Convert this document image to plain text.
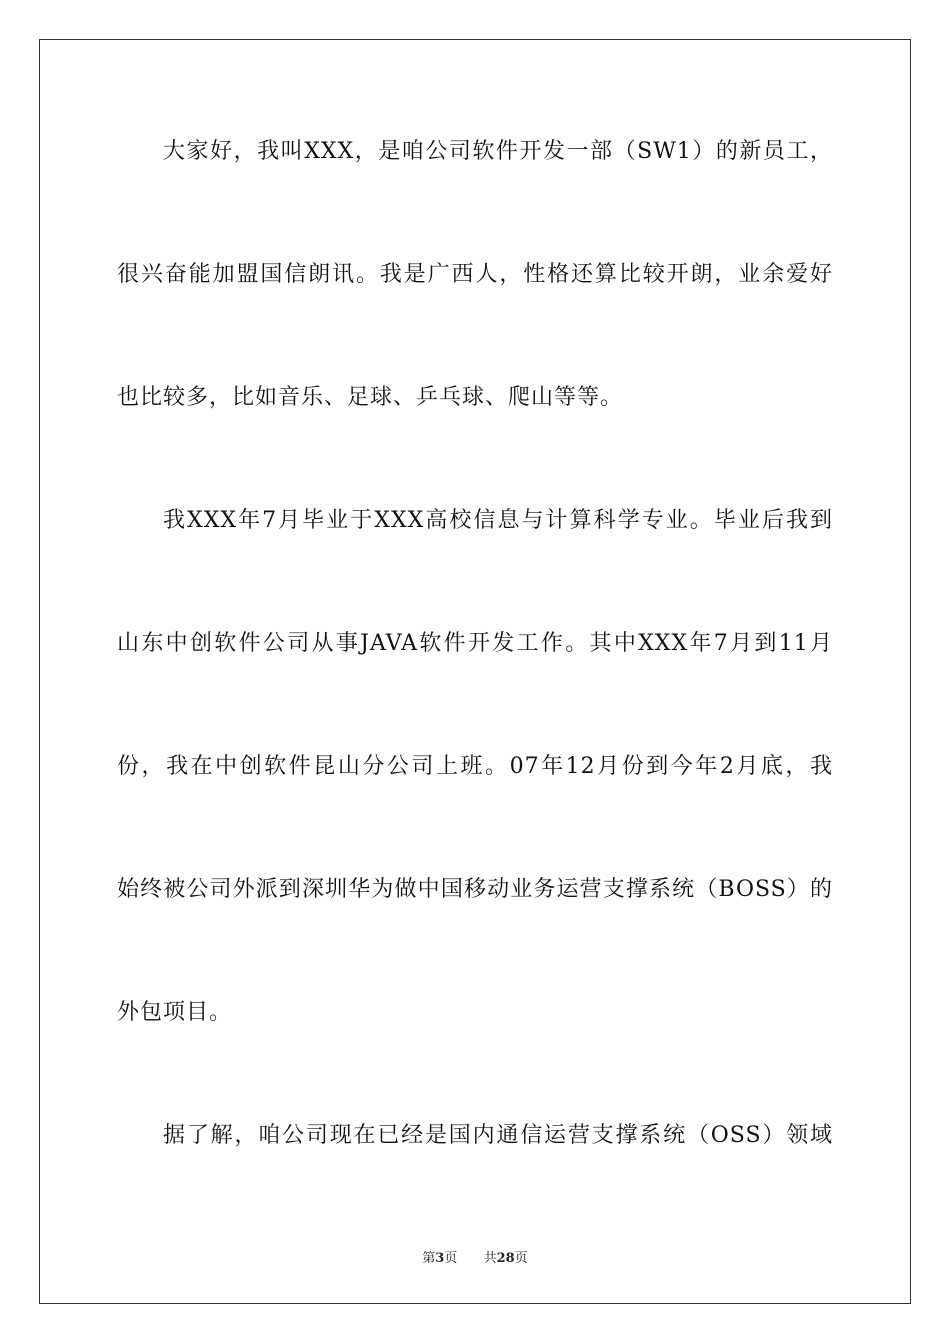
大家好，我叫XXX，是咱公司软件开发一部（SW1）的新员工，
很兴奋能加盟国信朗讯。我是广西人，性格还算比较开朗，业余爱好
也比较多，比如音乐、足球、乒乓球、爬山等等。
我XXX年7月毕业于XXX高校信息与计算科学专业。毕业后我到
山东中创软件公司从事JAVA软件开发工作。其中XXX年7月到11月
份，我在中创软件昆山分公司上班。07年12月份到今年2月底，我
始终被公司外派到深圳华为做中国移动业务运营支撑系统（BOSS）的
外包项目。
据了解，咱公司现在已经是国内通信运营支撑系统（OSS）领域
第3页 共28页
